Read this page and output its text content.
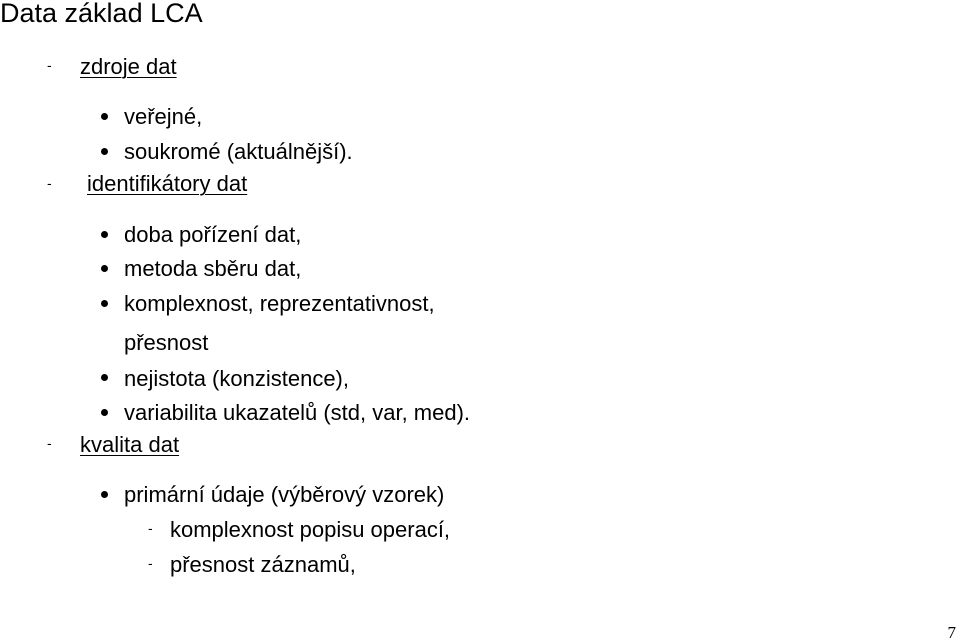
Data základ LCA
- zdroje dat
veřejné,
soukromé (aktuálnější).
- identifikátory dat
doba pořízení dat,
metoda sběru dat,
komplexnost, reprezentativnost,
přesnost
nejistota (konzistence),
variabilita ukazatelů (std, var, med).
- kvalita dat
primární údaje (výběrový vzorek)
- komplexnost popisu operací,
- přesnost záznamů,
7
